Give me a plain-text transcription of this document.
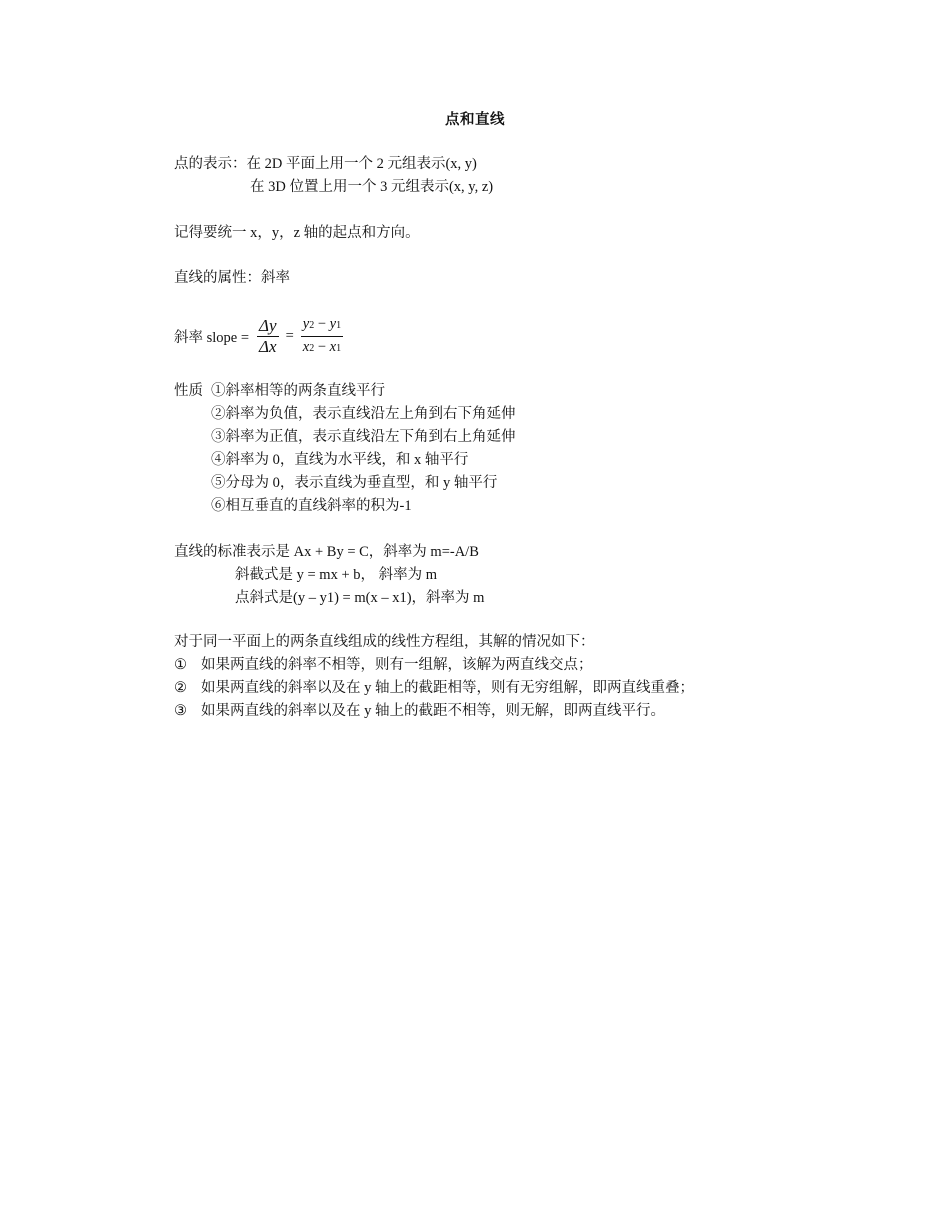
点和直线
点的表示：在 2D 平面上用一个 2 元组表示(x, y)
在 3D 位置上用一个 3 元组表示(x, y, z)
记得要统一 x，y，z 轴的起点和方向。
直线的属性：斜率
斜率 slope = $\frac{\Delta y}{\Delta x} = \frac{y2 - y1}{x2 - x1}$
性质 ①斜率相等的两条直线平行
②斜率为负值，表示直线沿左上角到右下角延伸
③斜率为正值，表示直线沿左下角到右上角延伸
④斜率为 0，直线为水平线，和 x 轴平行
⑤分母为 0，表示直线为垂直型，和 y 轴平行
⑥相互垂直的直线斜率的积为-1
直线的标准表示是 Ax + By = C，斜率为 m=-A/B
斜截式是 y = mx + b， 斜率为 m
点斜式是(y – y1) = m(x – x1)，斜率为 m
对于同一平面上的两条直线组成的线性方程组，其解的情况如下：
① 如果两直线的斜率不相等，则有一组解，该解为两直线交点；
② 如果两直线的斜率以及在 y 轴上的截距相等，则有无穷组解，即两直线重叠；
③ 如果两直线的斜率以及在 y 轴上的截距不相等，则无解，即两直线平行。
